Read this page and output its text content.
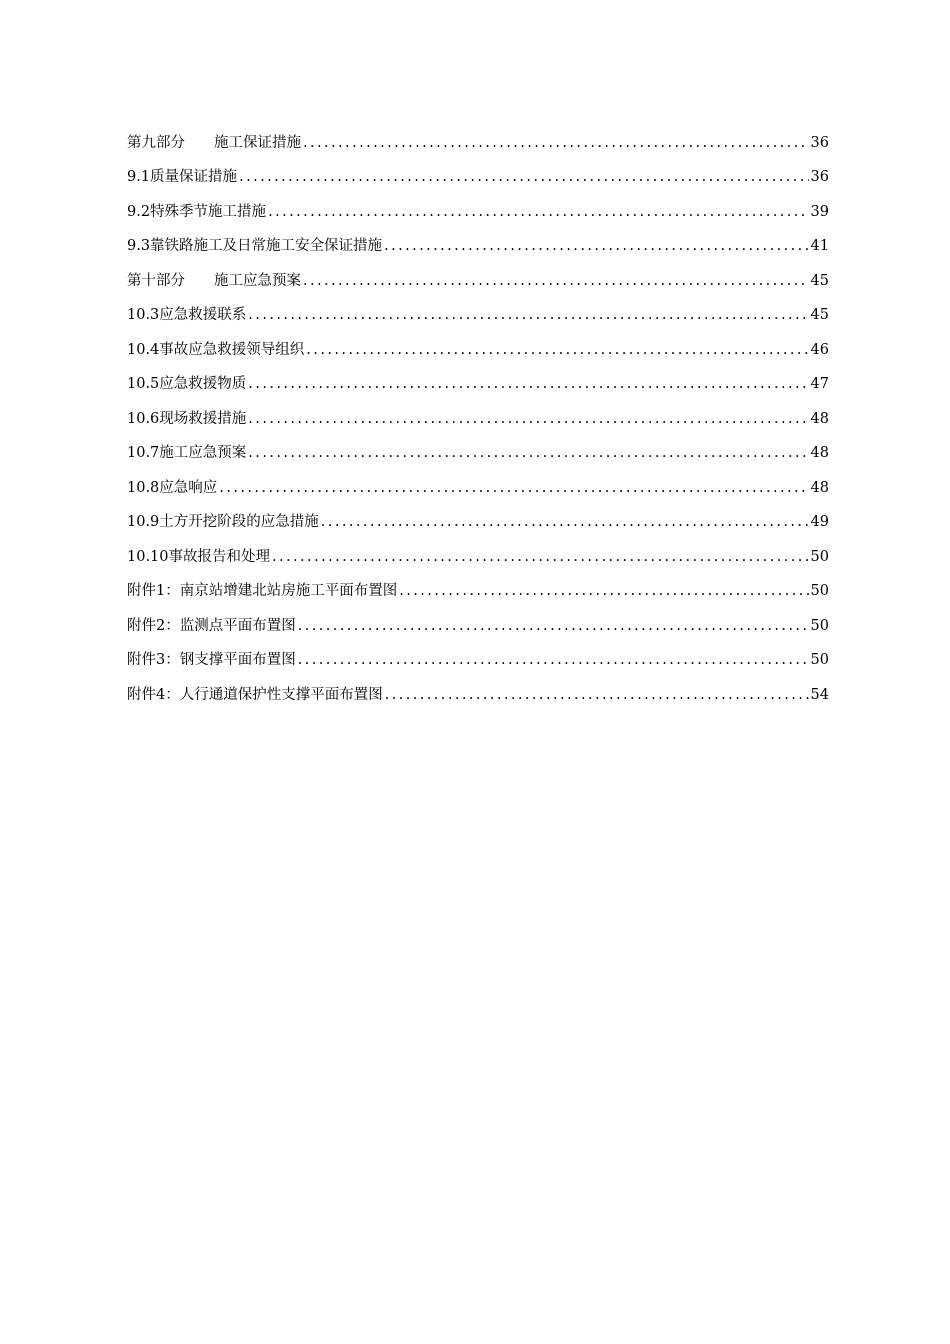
第九部分　　施工保证措施 .....	36
9.1质量保证措施 .....	36
9.2特殊季节施工措施 .....	39
9.3靠铁路施工及日常施工安全保证措施 .....	41
第十部分　　施工应急预案 .....	45
10.3应急救援联系 .....	45
10.4事故应急救援领导组织 .....	46
10.5应急救援物质 .....	47
10.6现场救援措施 .....	48
10.7施工应急预案 .....	48
10.8应急响应 .....	48
10.9土方开挖阶段的应急措施 .....	49
10.10事故报告和处理 .....	50
附件1：南京站增建北站房施工平面布置图 .....	50
附件2：监测点平面布置图 .....	50
附件3：钢支撑平面布置图 .....	50
附件4：人行通道保护性支撑平面布置图 .....	54
